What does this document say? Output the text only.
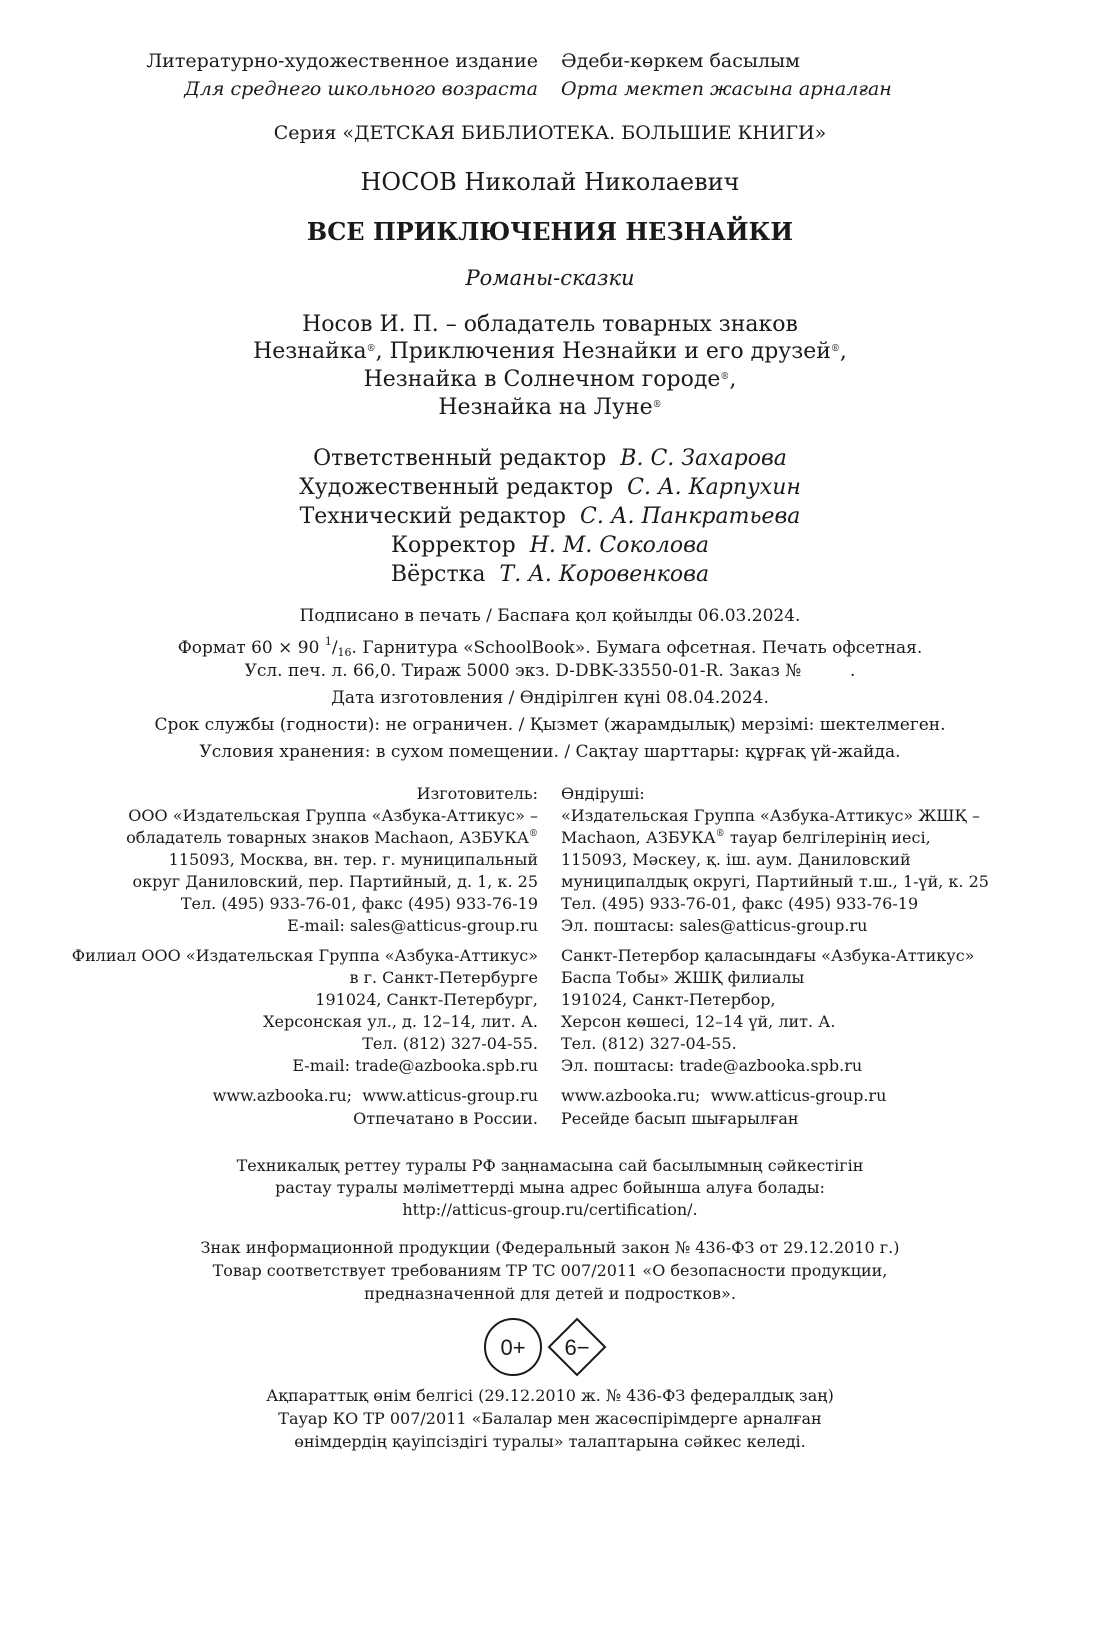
Литературно-художественное издание
Для среднего школьного возраста
Әдеби-көркем басылым
Орта мектеп жасына арналған
Серия «ДЕТСКАЯ БИБЛИОТЕКА. БОЛЬШИЕ КНИГИ»
НОСОВ Николай Николаевич
ВСЕ ПРИКЛЮЧЕНИЯ НЕЗНАЙКИ
Романы-сказки
Носов И. П. – обладатель товарных знаков
Незнайка®, Приключения Незнайки и его друзей®,
Незнайка в Солнечном городе®,
Незнайка на Луне®
Ответственный редактор В. С. Захарова
Художественный редактор С. А. Карпухин
Технический редактор С. А. Панкратьева
Корректор Н. М. Соколова
Вёрстка Т. А. Коровенкова
Подписано в печать / Баспаға қол қойылды 06.03.2024.
Формат 60 × 90 $^1$/16. Гарнитура «SchoolBook». Бумага офсетная. Печать офсетная.
Усл. печ. л. 66,0. Тираж 5000 экз. D-DBK-33550-01-R. Заказ №         .
Дата изготовления / Өндірілген күні 08.04.2024.
Срок службы (годности): не ограничен. / Қызмет (жарамдылық) мерзімі: шектелмеген.
Условия хранения: в сухом помещении. / Сақтау шарттары: құрғақ үй-жайда.
Изготовитель:
ООО «Издательская Группа «Азбука-Аттикус» –
обладатель товарных знаков Machaon, АЗБУКА®
115093, Москва, вн. тер. г. муниципальный
округ Даниловский, пер. Партийный, д. 1, к. 25
Тел. (495) 933-76-01, факс (495) 933-76-19
E-mail: sales@atticus-group.ru
Өндіруші:
«Издательская Группа «Азбука-Аттикус» ЖШҚ –
Machaon, АЗБУКА® тауар белгілерінің иесі,
115093, Мәскеу, қ. іш. аум. Даниловский
муниципалдық округі, Партийный т.ш., 1-үй, к. 25
Тел. (495) 933-76-01, факс (495) 933-76-19
Эл. поштасы: sales@atticus-group.ru
Филиал ООО «Издательская Группа «Азбука-Аттикус»
в г. Санкт-Петербурге
191024, Санкт-Петербург,
Херсонская ул., д. 12–14, лит. А.
Тел. (812) 327-04-55.
E-mail: trade@azbooka.spb.ru
Санкт-Петербор қаласындағы «Азбука-Аттикус»
Баспа Тобы» ЖШҚ филиалы
191024, Санкт-Петербор,
Херсон көшесі, 12–14 үй, лит. А.
Тел. (812) 327-04-55.
Эл. поштасы: trade@azbooka.spb.ru
www.azbooka.ru;  www.atticus-group.ru
Отпечатано в России.
www.azbooka.ru;  www.atticus-group.ru
Ресейде басып шығарылған
Техникалық реттеу туралы РФ заңнамасына сай басылымның сәйкестігін
растау туралы мәліметтерді мына адрес бойынша алуға болады:
http://atticus-group.ru/certification/.
Знак информационной продукции (Федеральный закон № 436-ФЗ от 29.12.2010 г.)
Товар соответствует требованиям ТР ТС 007/2011 «О безопасности продукции,
предназначенной для детей и подростков».
0+ 6−
Ақпараттық өнім белгісі (29.12.2010 ж. № 436-ФЗ федералдық заң)
Тауар КО ТР 007/2011 «Балалар мен жасөспірімдерге арналған
өнімдердің қауіпсіздігі туралы» талаптарына сәйкес келеді.
